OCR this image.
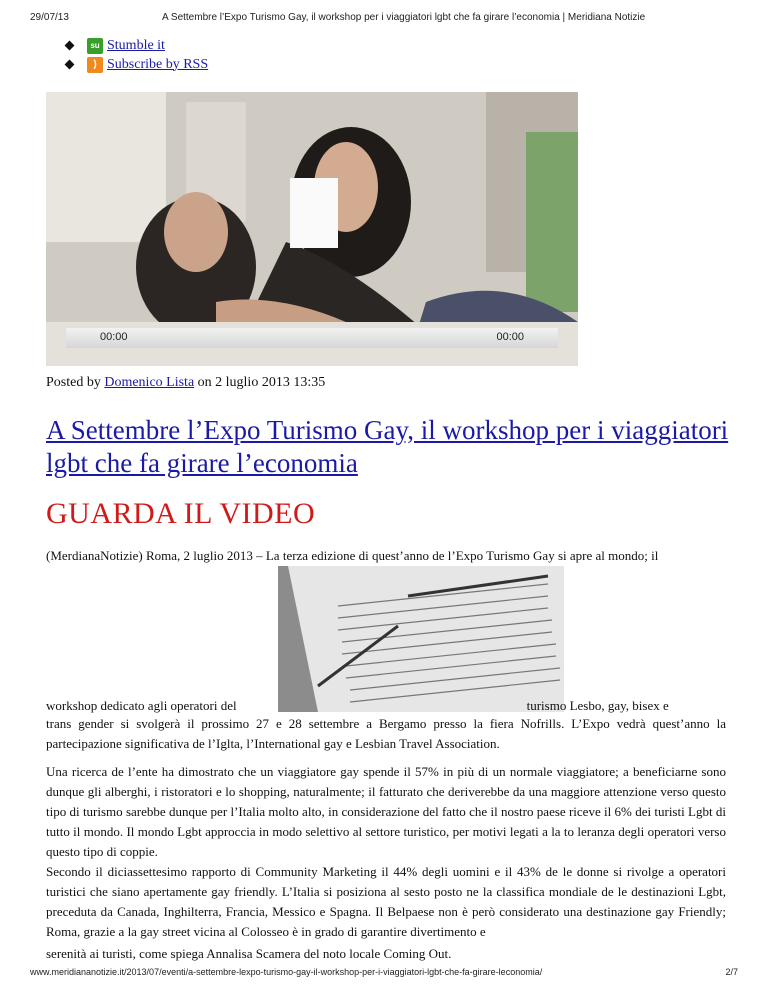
29/07/13	A Settembre l’Expo Turismo Gay, il workshop per i viaggiatori lgbt che fa girare l’economia | Meridiana Notizie
su Stumble it
) Subscribe by RSS
00:00	00:00
Posted by Domenico Lista on 2 luglio 2013 13:35
A Settembre l’Expo Turismo Gay, il workshop per i viaggiatori lgbt che fa girare l’economia
GUARDA IL VIDEO

(MerdianaNotizie) Roma, 2 luglio 2013 – La terza edizione di quest’anno de l’Expo Turismo Gay si apre al mondo; il

workshop dedicato agli operatori del	turismo Lesbo, gay, bisex e

trans gender si svolgerà il prossimo 27 e 28 settembre a Bergamo presso la fiera Nofrills. L’Expo vedrà quest’anno la partecipazione significativa de l’Iglta, l’International gay e Lesbian Travel Association.

Una ricerca de l’ente ha dimostrato che un viaggiatore gay spende il 57% in più di un normale viaggiatore; a beneficiarne sono dunque gli alberghi, i ristoratori e lo shopping, naturalmente; il fatturato che deriverebbe da una maggiore attenzione verso questo tipo di turismo sarebbe dunque per l’Italia molto alto, in considerazione del fatto che il nostro paese riceve il 6% dei turisti Lgbt di tutto il mondo. Il mondo Lgbt approccia in modo selettivo al settore turistico, per motivi legati a la to leranza degli operatori verso questo tipo di coppie.

Secondo il diciassettesimo rapporto di Community Marketing il 44% degli uomini e il 43% de le donne si rivolge a operatori turistici che siano apertamente gay friendly. L’Italia si posiziona al sesto posto ne la classifica mondiale de le destinazioni Lgbt, preceduta da Canada, Inghilterra, Francia, Messico e Spagna. Il Belpaese non è però considerato una destinazione gay Friendly; Roma, grazie a la gay street vicina al Colosseo è in grado di garantire divertimento e

serenità ai turisti, come spiega Annalisa Scamera del noto locale Coming Out.

www.meridiananotizie.it/2013/07/eventi/a-settembre-lexpo-turismo-gay-il-workshop-per-i-viaggiatori-lgbt-che-fa-girare-leconomia/	2/7
